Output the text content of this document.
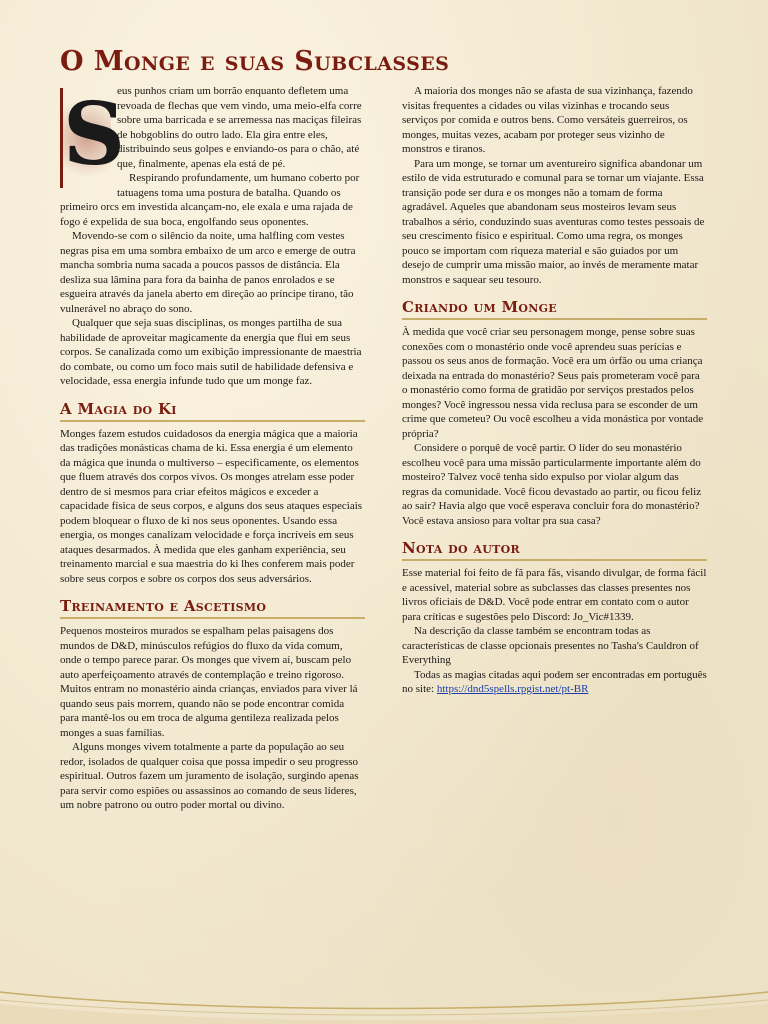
O Monge e suas Subclasses
S

eus punhos criam um borrão enquanto defletem uma revoada de flechas que vem vindo, uma meio-elfa corre sobre uma barricada e se arremessa nas maciças fileiras de hobgoblins do outro lado. Ela gira entre eles, distribuindo seus golpes e enviando-os para o chão, até que, finalmente, apenas ela está de pé.

Respirando profundamente, um humano coberto por tatuagens toma uma postura de batalha. Quando os primeiro orcs em investida alcançam-no, ele exala e uma rajada de fogo é expelida de sua boca, engolfando seus oponentes.

Movendo-se com o silêncio da noite, uma halfling com vestes negras pisa em uma sombra embaixo de um arco e emerge de outra mancha sombria numa sacada a poucos passos de distância. Ela desliza sua lâmina para fora da bainha de panos enrolados e se esgueira através da janela aberto em direção ao príncipe tirano, tão vulnerável no abraço do sono.

Qualquer que seja suas disciplinas, os monges partilha de sua habilidade de aproveitar magicamente da energia que flui em seus corpos. Se canalizada como um exibição impressionante de maestria do combate, ou como um foco mais sutil de habilidade defensiva e velocidade, essa energia infunde tudo que um monge faz.

A Magia do Ki

Monges fazem estudos cuidadosos da energia mágica que a maioria das tradições monásticas chama de ki. Essa energia é um elemento da mágica que inunda o multiverso – especificamente, os elementos que fluem através dos corpos vivos. Os monges atrelam esse poder dentro de si mesmos para criar efeitos mágicos e exceder a capacidade física de seus corpos, e alguns dos seus ataques especiais podem bloquear o fluxo de ki nos seus oponentes. Usando essa energia, os monges canalizam velocidade e força incríveis em seus ataques desarmados. À medida que eles ganham experiência, seu treinamento marcial e sua maestria do ki lhes conferem mais poder sobre seus corpos e sobre os corpos dos seus adversários.

Treinamento e Ascetismo

Pequenos mosteiros murados se espalham pelas paisagens dos mundos de D&D, minúsculos refúgios do fluxo da vida comum, onde o tempo parece parar. Os monges que vivem aí, buscam pelo auto aperfeiçoamento através de contemplação e treino rigoroso. Muitos entram no monastério ainda crianças, enviados para viver lá quando seus pais morrem, quando não se pode encontrar comida para mantê-los ou em troca de alguma gentileza realizada pelos monges a suas famílias.

Alguns monges vivem totalmente a parte da população ao seu redor, isolados de qualquer coisa que possa impedir o seu progresso espiritual. Outros fazem um juramento de isolação, surgindo apenas para servir como espiões ou assassinos ao comando de seus líderes, um nobre patrono ou outro poder mortal ou divino.

A maioria dos monges não se afasta de sua vizinhança, fazendo visitas frequentes a cidades ou vilas vizinhas e trocando seus serviços por comida e outros bens. Como versáteis guerreiros, os monges, muitas vezes, acabam por proteger seus vizinho de monstros e tiranos.

Para um monge, se tornar um aventureiro significa abandonar um estilo de vida estruturado e comunal para se tornar um viajante. Essa transição pode ser dura e os monges não a tomam de forma agradável. Aqueles que abandonam seus mosteiros levam seus trabalhos a sério, conduzindo suas aventuras como testes pessoais de seu crescimento físico e espiritual. Como uma regra, os monges pouco se importam com riqueza material e são guiados por um desejo de cumprir uma missão maior, ao invés de meramente matar monstros e saquear seu tesouro.

Criando um Monge

À medida que você criar seu personagem monge, pense sobre suas conexões com o monastério onde você aprendeu suas perícias e passou os seus anos de formação. Você era um órfão ou uma criança deixada na entrada do monastério? Seus pais prometeram você para o monastério como forma de gratidão por serviços prestados pelos monges? Você ingressou nessa vida reclusa para se esconder de um crime que cometeu? Ou você escolheu a vida monástica por vontade própria?

Considere o porquê de você partir. O líder do seu monastério escolheu você para uma missão particularmente importante além do mosteiro? Talvez você tenha sido expulso por violar algum das regras da comunidade. Você ficou devastado ao partir, ou ficou feliz ao sair? Havia algo que você esperava concluir fora do monastério? Você estava ansioso para voltar pra sua casa?

Nota do autor

Esse material foi feito de fã para fãs, visando divulgar, de forma fácil e acessível, material sobre as subclasses das classes presentes nos livros oficiais de D&D. Você pode entrar em contato com o autor para críticas e sugestões pelo Discord: Jo_Vic#1339.

Na descrição da classe também se encontram todas as características de classe opcionais presentes no Tasha's Cauldron of Everything

Todas as magias citadas aqui podem ser encontradas em português no site: https://dnd5spells.rpgist.net/pt-BR
